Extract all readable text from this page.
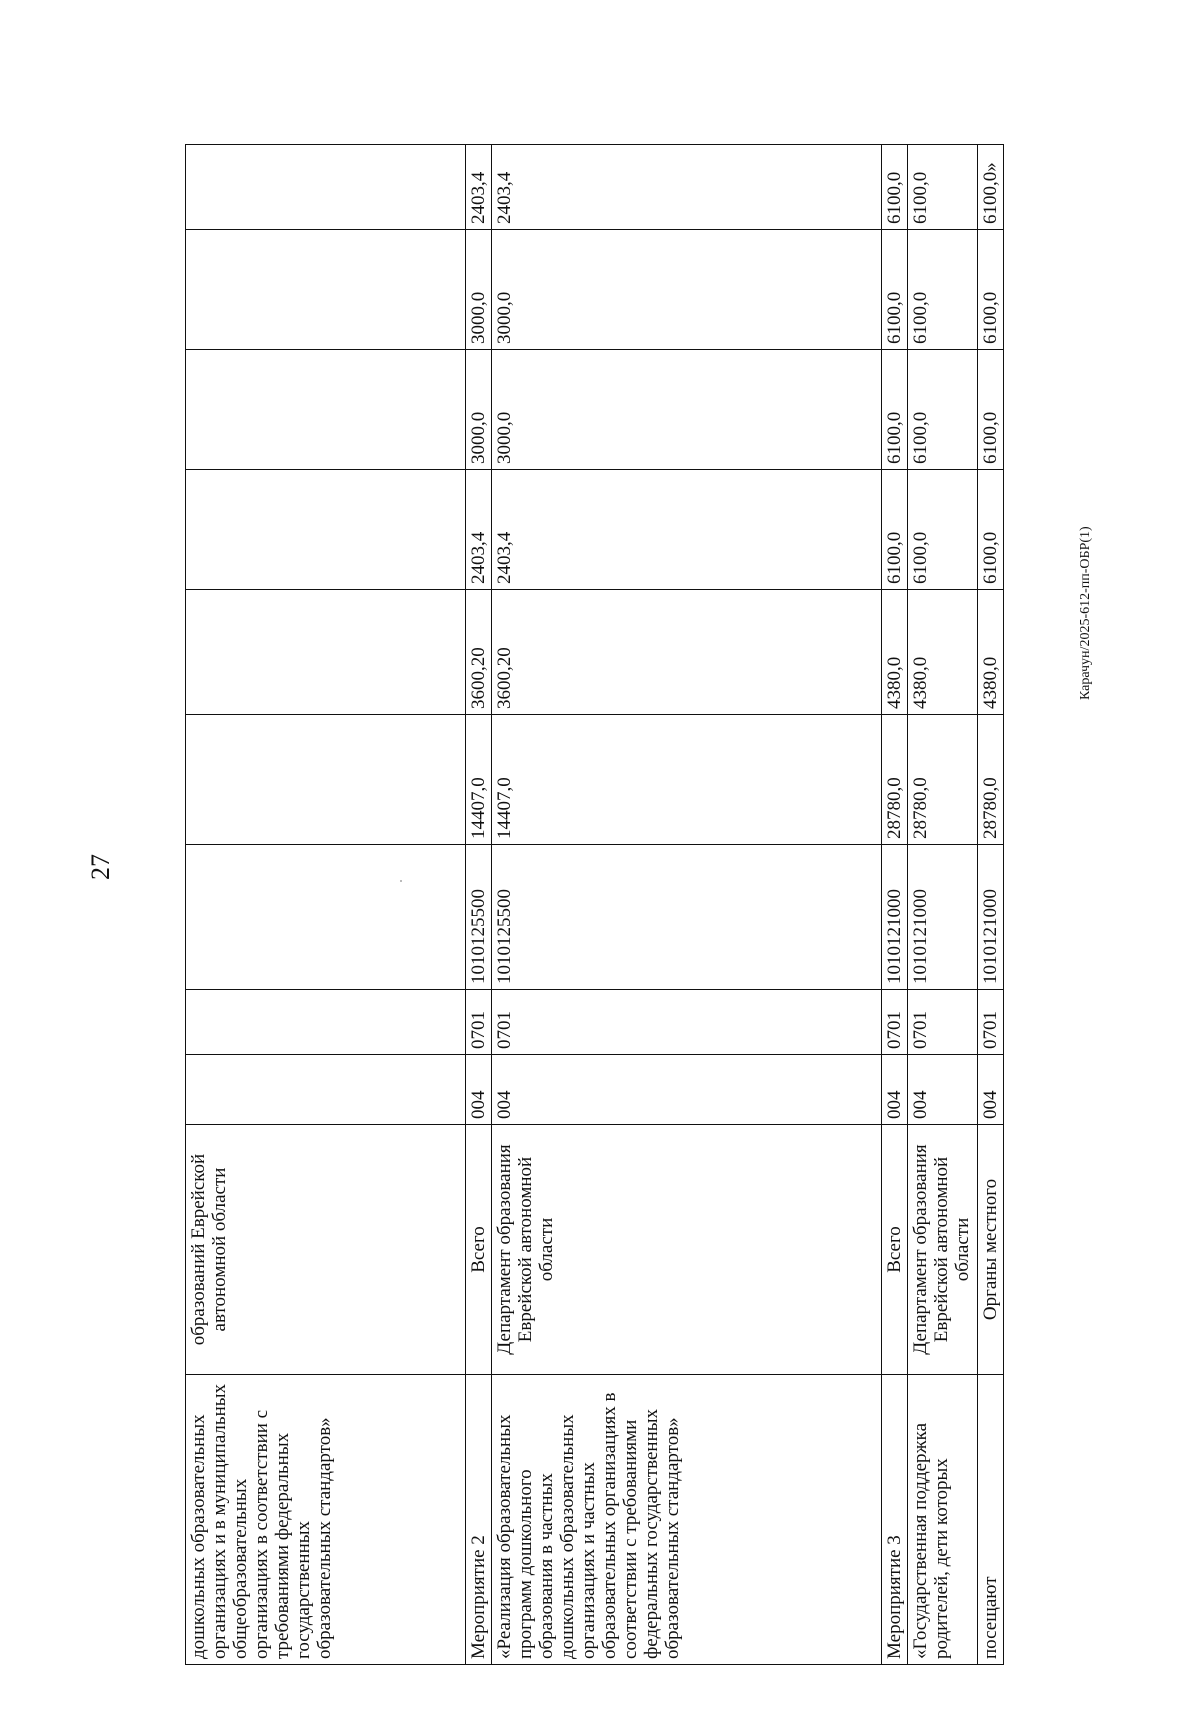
27
дошкольных образовательных организациях и в муниципальных общеобразовательных организациях в соответствии с требованиями федеральных государственных образовательных стандартов»	образований Еврейской автономной области									
Мероприятие 2	Всего	004	0701	1010125500	14407,0	3600,20	2403,4	3000,0	3000,0	2403,4
«Реализация образовательных программ дошкольного образования в частных дошкольных образовательных организациях и частных образовательных организациях в соответствии с требованиями федеральных государственных образовательных стандартов»	Департамент образования Еврейской автономной области	004	0701	1010125500	14407,0	3600,20	2403,4	3000,0	3000,0	2403,4
Мероприятие 3	Всего	004	0701	1010121000	28780,0	4380,0	6100,0	6100,0	6100,0	6100,0
«Государственная поддержка родителей, дети которых	Департамент образования Еврейской автономной области	004	0701	1010121000	28780,0	4380,0	6100,0	6100,0	6100,0	6100,0
посещают	Органы местного	004	0701	1010121000	28780,0	4380,0	6100,0	6100,0	6100,0	6100,0»
Карачун/2025-612-пп-ОБР(1)
